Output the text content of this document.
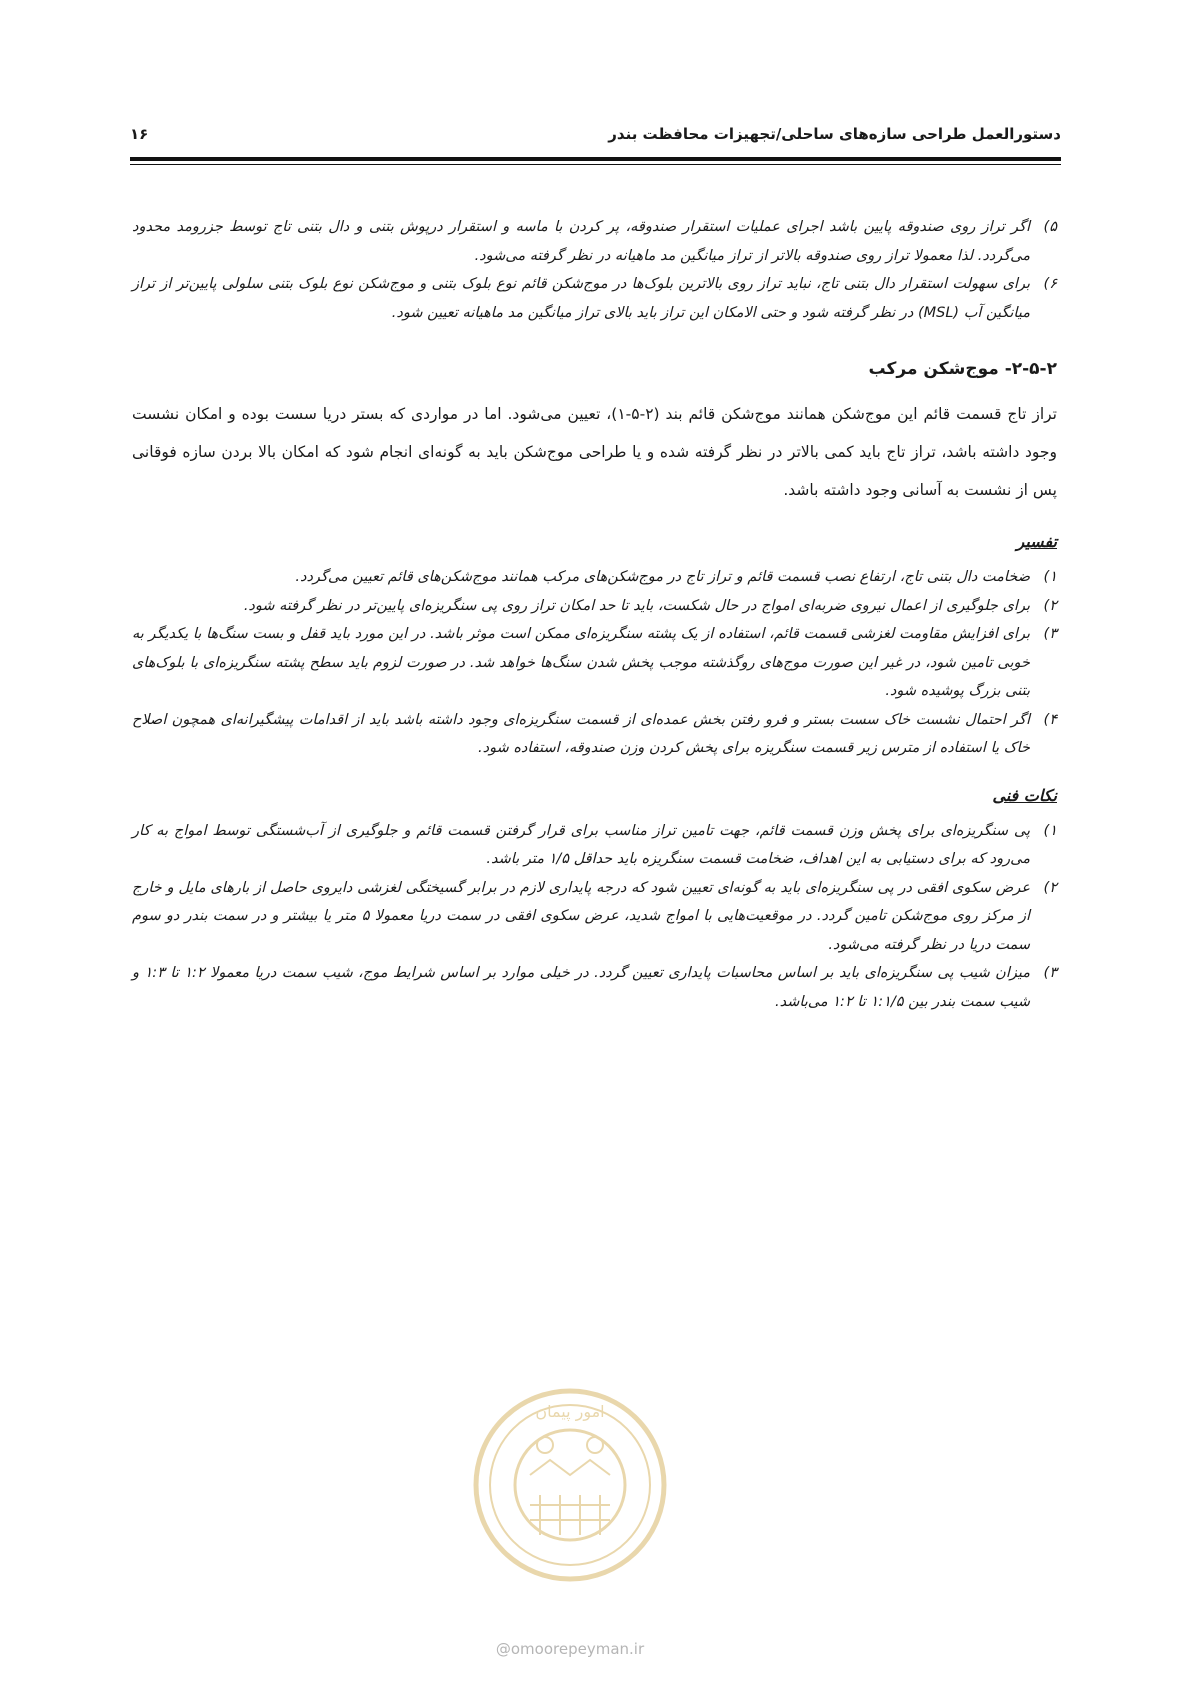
دستورالعمل طراحی سازه‌های ساحلی/تجهیزات محافظت بندر
۱۶
۵)
اگر تراز روی صندوقه پایین باشد اجرای عملیات استقرار صندوقه، پر کردن با ماسه و استقرار درپوش بتنی و دال بتنی تاج توسط جزرومد محدود می‌گردد. لذا معمولا تراز روی صندوقه بالاتر از تراز میانگین مد ماهیانه در نظر گرفته می‌شود.
۶)
برای سهولت استقرار دال بتنی تاج، نباید تراز روی بالاترین بلوک‌ها در موج‌شکن قائم نوع بلوک بتنی و موج‌شکن نوع بلوک بتنی سلولی پایین‌تر از تراز میانگین آب (MSL) در نظر گرفته شود و حتی الامکان این تراز باید بالای تراز میانگین مد ماهیانه تعیین شود.
۲-۵-۲- موج‌شکن مرکب

تراز تاج قسمت قائم این موج‌شکن همانند موج‌شکن قائم بند (۲-۵-۱)، تعیین می‌شود. اما در مواردی که بستر دریا سست بوده و امکان نشست وجود داشته باشد، تراز تاج باید کمی بالاتر در نظر گرفته شده و یا طراحی موج‌شکن باید به گونه‌ای انجام شود که امکان بالا بردن سازه فوقانی پس از نشست به آسانی وجود داشته باشد.

تفسیر
۱)
ضخامت دال بتنی تاج، ارتفاع نصب قسمت قائم و تراز تاج در موج‌شکن‌های مرکب همانند موج‌شکن‌های قائم تعیین می‌گردد.
۲)
برای جلوگیری از اعمال نیروی ضربه‌ای امواج در حال شکست، باید تا حد امکان تراز روی پی سنگریزه‌ای پایین‌تر در نظر گرفته شود.
۳)
برای افزایش مقاومت لغزشی قسمت قائم، استفاده از یک پشته سنگریزه‌ای ممکن است موثر باشد. در این مورد باید قفل و بست سنگ‌ها با یکدیگر به خوبی تامین شود، در غیر این صورت موج‌های روگذشته موجب پخش شدن سنگ‌ها خواهد شد. در صورت لزوم باید سطح پشته سنگریزه‌ای با بلوک‌های بتنی بزرگ پوشیده شود.
۴)
اگر احتمال نشست خاک سست بستر و فرو رفتن بخش عمده‌ای از قسمت سنگریزه‌ای وجود داشته باشد باید از اقدامات پیشگیرانه‌ای همچون اصلاح خاک یا استفاده از مترس زیر قسمت سنگریزه برای پخش کردن وزن صندوقه، استفاده شود.
نکات فنی
۱)
پی سنگریزه‌ای برای پخش وزن قسمت قائم، جهت تامین تراز مناسب برای قرار گرفتن قسمت قائم و جلوگیری از آب‌شستگی توسط امواج به کار می‌رود که برای دستیابی به این اهداف، ضخامت قسمت سنگریزه باید حداقل ۱/۵ متر باشد.
۲)
عرض سکوی افقی در پی سنگریزه‌ای باید به گونه‌ای تعیین شود که درجه پایداری لازم در برابر گسیختگی لغزشی دایروی حاصل از بارهای مایل و خارج از مرکز روی موج‌شکن تامین گردد. در موقعیت‌هایی با امواج شدید، عرض سکوی افقی در سمت دریا معمولا ۵ متر یا بیشتر و در سمت بندر دو سوم سمت دریا در نظر گرفته می‌شود.
۳)
میزان شیب پی سنگریزه‌ای باید بر اساس محاسبات پایداری تعیین گردد. در خیلی موارد بر اساس شرایط موج، شیب سمت دریا معمولا ۱:۲ تا ۱:۳ و شیب سمت بندر بین ۱:۱/۵ تا ۱:۲ می‌باشد.
امور پیمان
@omoorepeyman.ir
